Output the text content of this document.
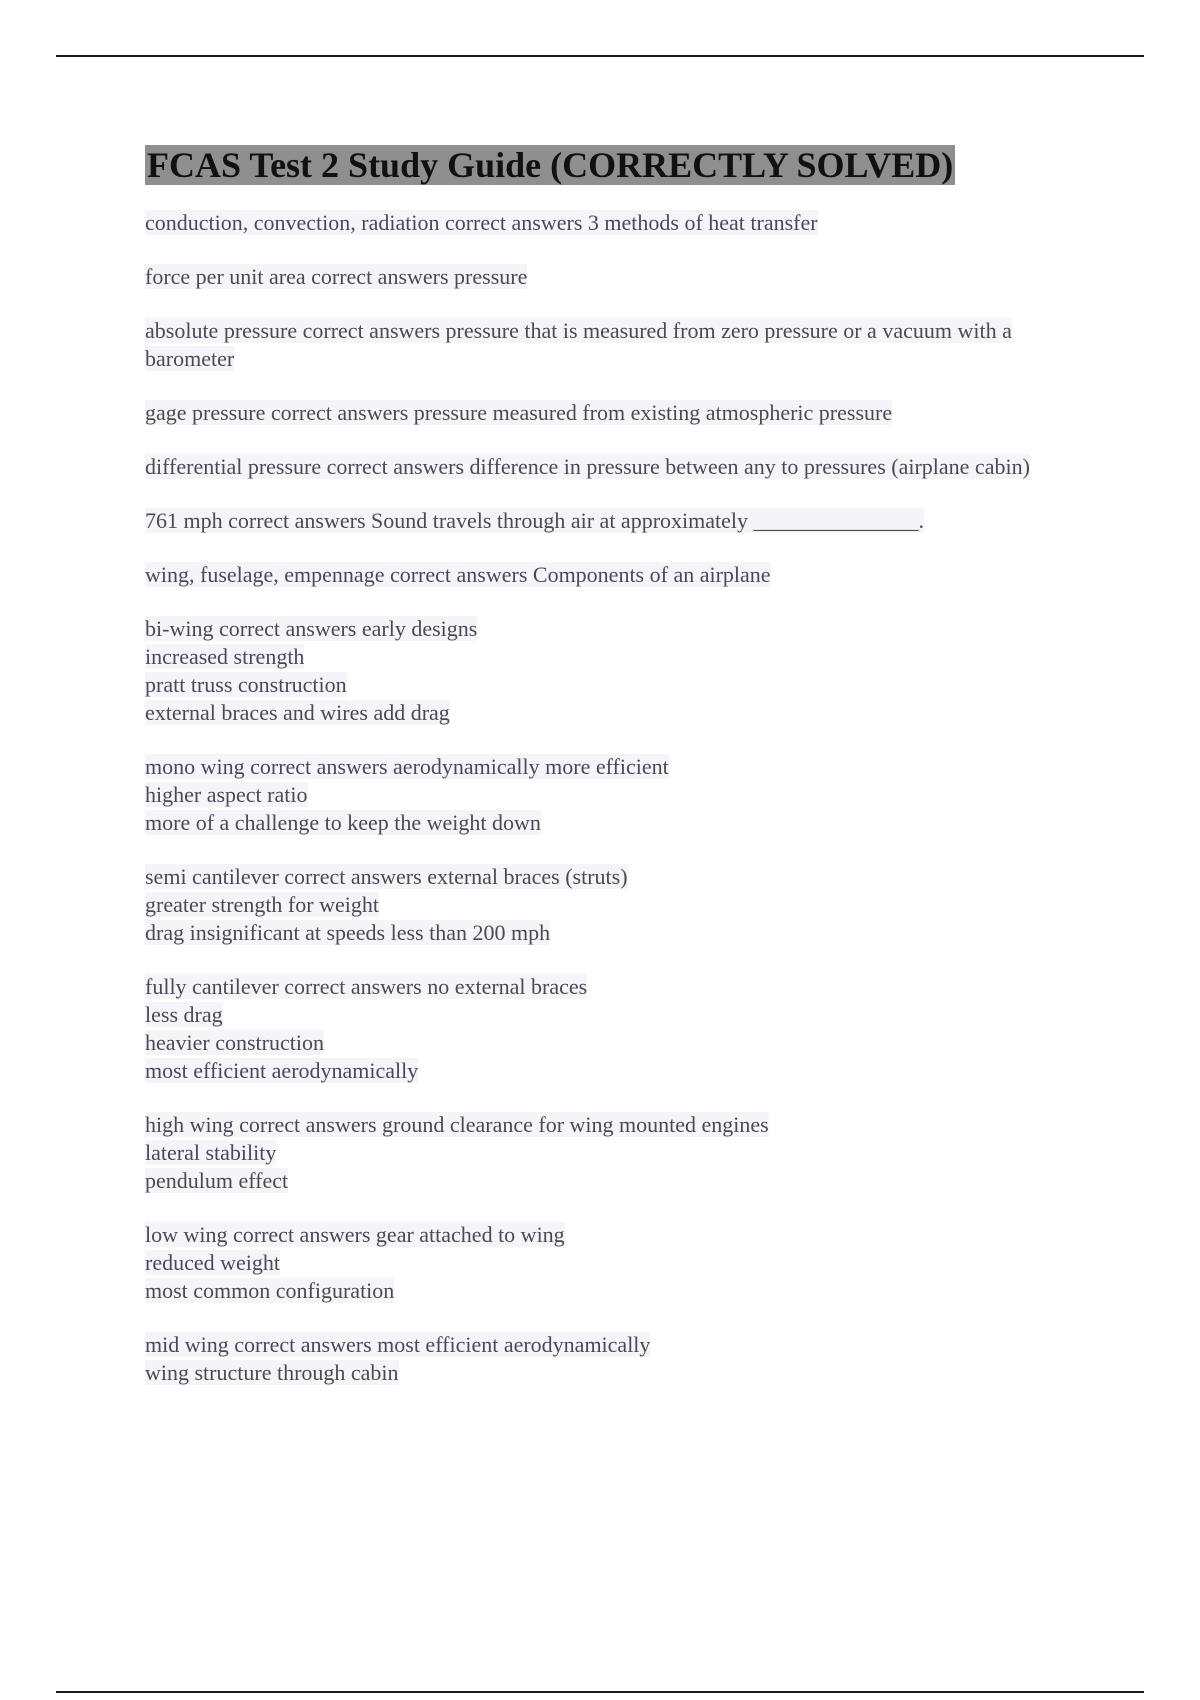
FCAS Test 2 Study Guide (CORRECTLY SOLVED)
conduction, convection, radiation correct answers 3 methods of heat transfer
force per unit area correct answers pressure
absolute pressure correct answers pressure that is measured from zero pressure or a vacuum with a barometer
gage pressure correct answers pressure measured from existing atmospheric pressure
differential pressure correct answers difference in pressure between any to pressures (airplane cabin)
761 mph correct answers Sound travels through air at approximately _______________.
wing, fuselage, empennage correct answers Components of an airplane
bi-wing correct answers early designs
increased strength
pratt truss construction
external braces and wires add drag
mono wing correct answers aerodynamically more efficient
higher aspect ratio
more of a challenge to keep the weight down
semi cantilever correct answers external braces (struts)
greater strength for weight
drag insignificant at speeds less than 200 mph
fully cantilever correct answers no external braces
less drag
heavier construction
most efficient aerodynamically
high wing correct answers ground clearance for wing mounted engines
lateral stability
pendulum effect
low wing correct answers gear attached to wing
reduced weight
most common configuration
mid wing correct answers most efficient aerodynamically
wing structure through cabin
